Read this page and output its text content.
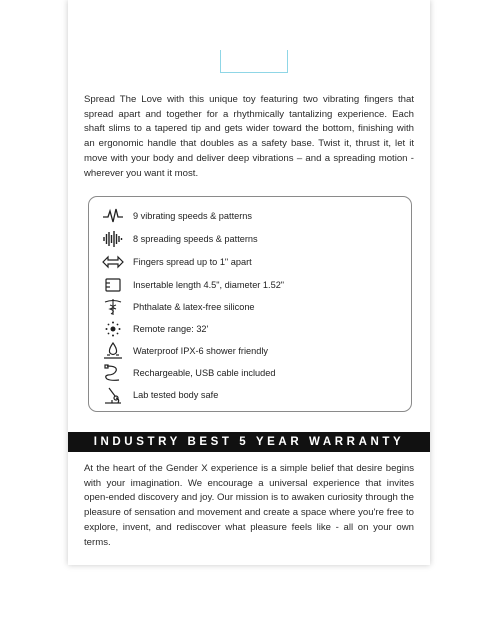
Spread The Love with this unique toy featuring two vibrating fingers that spread apart and together for a rhythmically tantalizing experience. Each shaft slims to a tapered tip and gets wider toward the bottom, finishing with an ergonomic handle that doubles as a safety base. Twist it, thrust it, let it move with your body and deliver deep vibrations – and a spreading motion - wherever you want it most.
9 vibrating speeds & patterns
8 spreading speeds & patterns
Fingers spread up to 1" apart
Insertable length 4.5", diameter 1.52"
Phthalate & latex-free silicone
Remote range: 32'
Waterproof IPX-6 shower friendly
Rechargeable, USB cable included
Lab tested body safe
INDUSTRY BEST 5 YEAR WARRANTY
At the heart of the Gender X experience is a simple belief that desire begins with your imagination. We encourage a universal experience that invites open-ended discovery and joy. Our mission is to awaken curiosity through the pleasure of sensation and movement and create a space where you're free to explore, invent, and rediscover what pleasure feels like - all on your own terms.
